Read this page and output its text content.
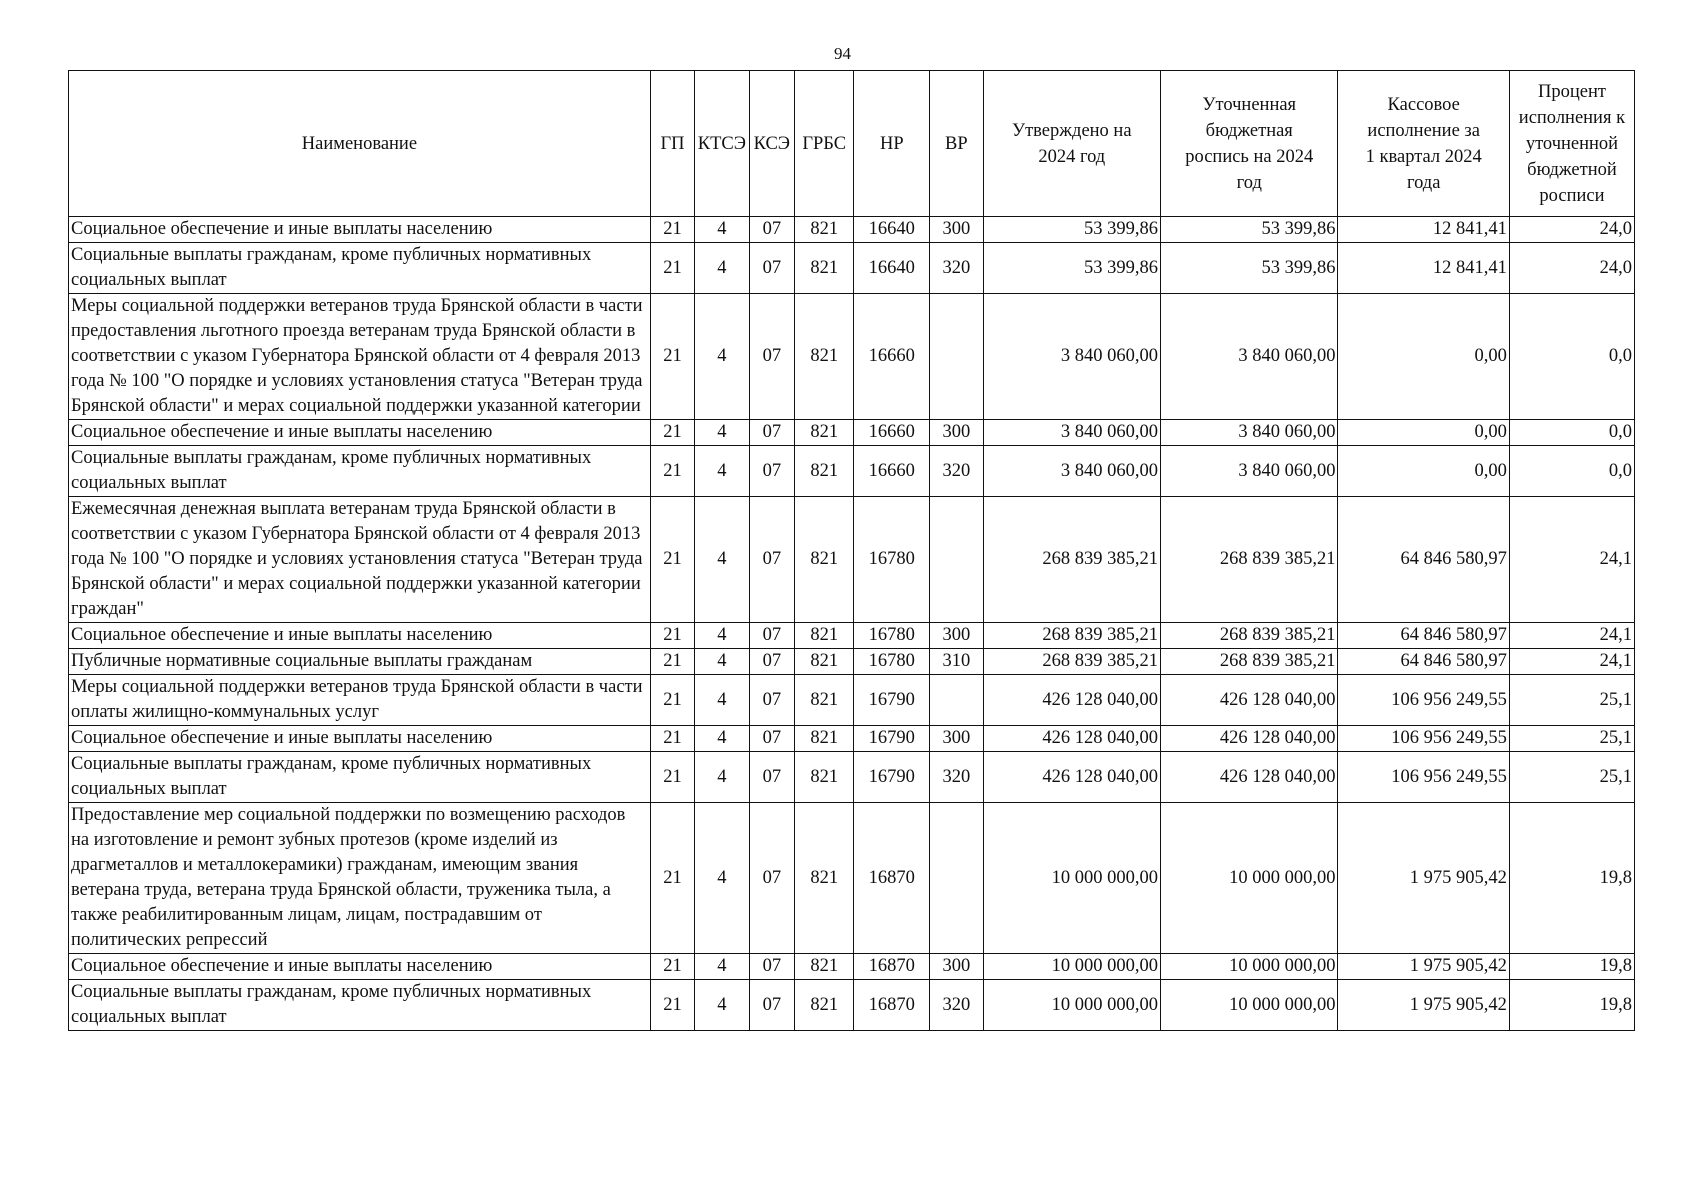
94
Наименование	ГП	КТСЭ	КСЭ	ГРБС	НР	ВР	Утверждено на 2024 год	Уточненная бюджетная роспись на 2024 год	Кассовое исполнение за 1 квартал 2024 года	Процент исполнения к уточненной бюджетной росписи
Социальное обеспечение и иные выплаты населению	21	4	07	821	16640	300	53 399,86	53 399,86	12 841,41	24,0
Социальные выплаты гражданам, кроме публичных нормативных социальных выплат	21	4	07	821	16640	320	53 399,86	53 399,86	12 841,41	24,0
Меры социальной поддержки ветеранов труда Брянской области в части предоставления льготного проезда ветеранам труда Брянской области в соответствии с указом Губернатора Брянской области от 4 февраля 2013 года № 100 "О порядке и условиях установления статуса "Ветеран труда Брянской области" и мерах социальной поддержки указанной категории	21	4	07	821	16660		3 840 060,00	3 840 060,00	0,00	0,0
Социальное обеспечение и иные выплаты населению	21	4	07	821	16660	300	3 840 060,00	3 840 060,00	0,00	0,0
Социальные выплаты гражданам, кроме публичных нормативных социальных выплат	21	4	07	821	16660	320	3 840 060,00	3 840 060,00	0,00	0,0
Ежемесячная денежная выплата ветеранам труда Брянской области в соответствии с указом Губернатора Брянской области от 4 февраля 2013 года № 100 "О порядке и условиях установления статуса "Ветеран труда Брянской области" и мерах социальной поддержки указанной категории граждан"	21	4	07	821	16780		268 839 385,21	268 839 385,21	64 846 580,97	24,1
Социальное обеспечение и иные выплаты населению	21	4	07	821	16780	300	268 839 385,21	268 839 385,21	64 846 580,97	24,1
Публичные нормативные социальные выплаты гражданам	21	4	07	821	16780	310	268 839 385,21	268 839 385,21	64 846 580,97	24,1
Меры социальной поддержки ветеранов труда Брянской области в части оплаты жилищно-коммунальных услуг	21	4	07	821	16790		426 128 040,00	426 128 040,00	106 956 249,55	25,1
Социальное обеспечение и иные выплаты населению	21	4	07	821	16790	300	426 128 040,00	426 128 040,00	106 956 249,55	25,1
Социальные выплаты гражданам, кроме публичных нормативных социальных выплат	21	4	07	821	16790	320	426 128 040,00	426 128 040,00	106 956 249,55	25,1
Предоставление мер социальной поддержки по возмещению расходов на изготовление и ремонт зубных протезов (кроме изделий из драгметаллов и металлокерамики) гражданам, имеющим звания ветерана труда, ветерана труда Брянской области, труженика тыла, а также реабилитированным лицам, лицам, пострадавшим от политических репрессий	21	4	07	821	16870		10 000 000,00	10 000 000,00	1 975 905,42	19,8
Социальное обеспечение и иные выплаты населению	21	4	07	821	16870	300	10 000 000,00	10 000 000,00	1 975 905,42	19,8
Социальные выплаты гражданам, кроме публичных нормативных социальных выплат	21	4	07	821	16870	320	10 000 000,00	10 000 000,00	1 975 905,42	19,8
